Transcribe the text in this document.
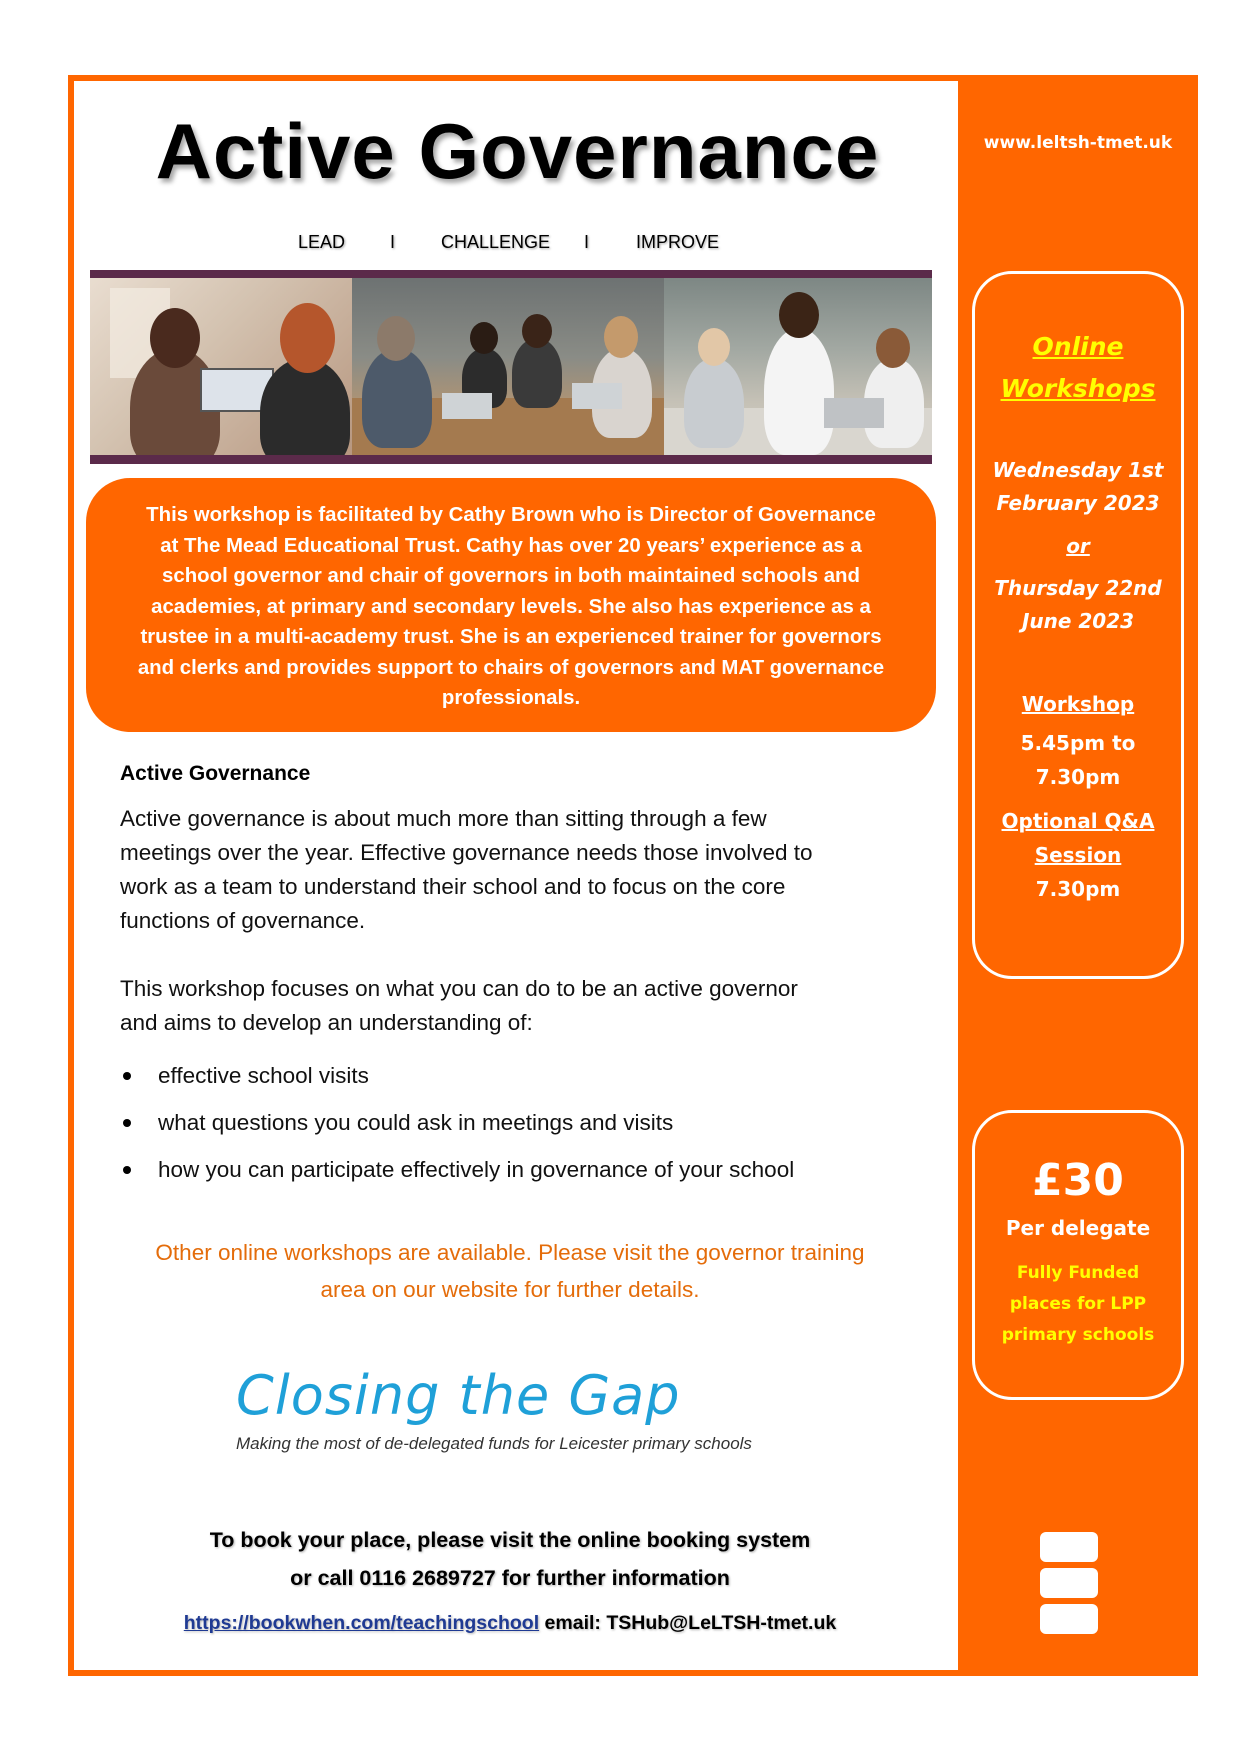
www.leltsh-tmet.uk
Online
Workshops
Wednesday 1st
February 2023
or
Thursday 22nd
June 2023
Workshop
5.45pm to
7.30pm
Optional Q&A
Session
7.30pm
£30
Per delegate
Fully Funded
places for LPP
primary schools
Active Governance
LEAD I	CHALLENGE I	IMPROVE
This workshop is facilitated by Cathy Brown who is Director of Governance
at The Mead Educational Trust. Cathy has over 20 years’ experience as a
school governor and chair of governors in both maintained schools and
academies, at primary and secondary levels. She also has experience as a
trustee in a multi-academy trust. She is an experienced trainer for governors
and clerks and provides support to chairs of governors and MAT governance
professionals.
Active Governance
Active governance is about much more than sitting through a few
meetings over the year. Effective governance needs those involved to
work as a team to understand their school and to focus on the core
functions of governance.
This workshop focuses on what you can do to be an active governor
and aims to develop an understanding of:
effective school visits
what questions you could ask in meetings and visits
how you can participate effectively in governance of your school
Other online workshops are available. Please visit the governor training
area on our website for further details.
Closing the Gap
Making the most of de-delegated funds for Leicester primary schools
To book your place, please visit the online booking system
or call 0116 2689727 for further information
https://bookwhen.com/teachingschool email: TSHub@LeLTSH-tmet.uk
